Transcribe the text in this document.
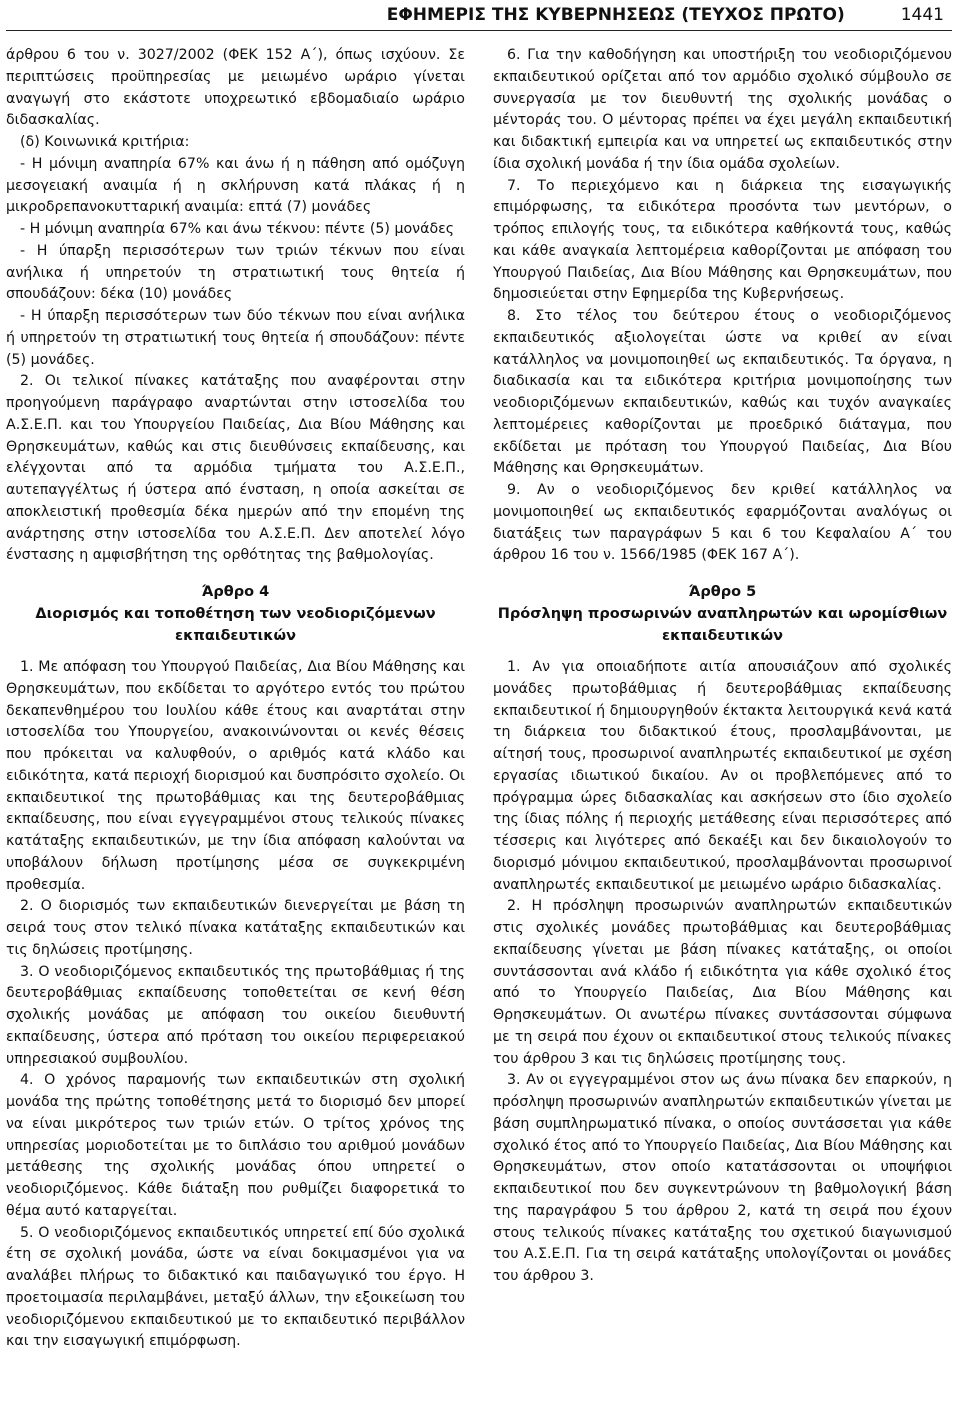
ΕΦΗΜΕΡΙΣ ΤΗΣ ΚΥΒΕΡΝΗΣΕΩΣ (ΤΕΥΧΟΣ ΠΡΩΤΟ)	1441

άρθρου 6 του ν. 3027/2002 (ΦΕΚ 152 Α΄), όπως ισχύουν. Σε περιπτώσεις προϋπηρεσίας με μειωμένο ωράριο γίνεται αναγωγή στο εκάστοτε υποχρεωτικό εβδομαδιαίο ωράριο διδασκαλίας.

(δ) Κοινωνικά κριτήρια:

- Η μόνιμη αναπηρία 67% και άνω ή η πάθηση από ομόζυγη μεσογειακή αναιμία ή η σκλήρυνση κατά πλάκας ή η μικροδρεπανοκυτταρική αναιμία: επτά (7) μονάδες

- Η μόνιμη αναπηρία 67% και άνω τέκνου: πέντε (5) μονάδες

- Η ύπαρξη περισσότερων των τριών τέκνων που είναι ανήλικα ή υπηρετούν τη στρατιωτική τους θητεία ή σπουδάζουν: δέκα (10) μονάδες

- Η ύπαρξη περισσότερων των δύο τέκνων που είναι ανήλικα ή υπηρετούν τη στρατιωτική τους θητεία ή σπουδάζουν: πέντε (5) μονάδες.

2. Οι τελικοί πίνακες κατάταξης που αναφέρονται στην προηγούμενη παράγραφο αναρτώνται στην ιστοσελίδα του Α.Σ.Ε.Π. και του Υπουργείου Παιδείας, Δια Βίου Μάθησης και Θρησκευμάτων, καθώς και στις διευθύνσεις εκπαίδευσης, και ελέγχονται από τα αρμόδια τμήματα του Α.Σ.Ε.Π., αυτεπαγγέλτως ή ύστερα από ένσταση, η οποία ασκείται σε αποκλειστική προθεσμία δέκα ημερών από την επομένη της ανάρτησης στην ιστοσελίδα του Α.Σ.Ε.Π. Δεν αποτελεί λόγο ένστασης η αμφισβήτηση της ορθότητας της βαθμολογίας.

Άρθρο 4
Διορισμός και τοποθέτηση των νεοδιοριζόμενων εκπαιδευτικών

1. Με απόφαση του Υπουργού Παιδείας, Δια Βίου Μάθησης και Θρησκευμάτων, που εκδίδεται το αργότερο εντός του πρώτου δεκαπενθημέρου του Ιουλίου κάθε έτους και αναρτάται στην ιστοσελίδα του Υπουργείου, ανακοινώνονται οι κενές θέσεις που πρόκειται να καλυφθούν, ο αριθμός κατά κλάδο και ειδικότητα, κατά περιοχή διορισμού και δυσπρόσιτο σχολείο. Οι εκπαιδευτικοί της πρωτοβάθμιας και της δευτεροβάθμιας εκπαίδευσης, που είναι εγγεγραμμένοι στους τελικούς πίνακες κατάταξης εκπαιδευτικών, με την ίδια απόφαση καλούνται να υποβάλουν δήλωση προτίμησης μέσα σε συγκεκριμένη προθεσμία.

2. Ο διορισμός των εκπαιδευτικών διενεργείται με βάση τη σειρά τους στον τελικό πίνακα κατάταξης εκπαιδευτικών και τις δηλώσεις προτίμησης.

3. Ο νεοδιοριζόμενος εκπαιδευτικός της πρωτοβάθμιας ή της δευτεροβάθμιας εκπαίδευσης τοποθετείται σε κενή θέση σχολικής μονάδας με απόφαση του οικείου διευθυντή εκπαίδευσης, ύστερα από πρόταση του οικείου περιφερειακού υπηρεσιακού συμβουλίου.

4. Ο χρόνος παραμονής των εκπαιδευτικών στη σχολική μονάδα της πρώτης τοποθέτησης μετά το διορισμό δεν μπορεί να είναι μικρότερος των τριών ετών. Ο τρίτος χρόνος της υπηρεσίας μοριοδοτείται με το διπλάσιο του αριθμού μονάδων μετάθεσης της σχολικής μονάδας όπου υπηρετεί ο νεοδιοριζόμενος. Κάθε διάταξη που ρυθμίζει διαφορετικά το θέμα αυτό καταργείται.

5. Ο νεοδιοριζόμενος εκπαιδευτικός υπηρετεί επί δύο σχολικά έτη σε σχολική μονάδα, ώστε να είναι δοκιμασμένοι για να αναλάβει πλήρως το διδακτικό και παιδαγωγικό του έργο. Η προετοιμασία περιλαμβάνει, μεταξύ άλλων, την εξοικείωση του νεοδιοριζόμενου εκπαιδευτικού με το εκπαιδευτικό περιβάλλον και την εισαγωγική επιμόρφωση.

6. Για την καθοδήγηση και υποστήριξη του νεοδιοριζόμενου εκπαιδευτικού ορίζεται από τον αρμόδιο σχολικό σύμβουλο σε συνεργασία με τον διευθυντή της σχολικής μονάδας ο μέντοράς του. Ο μέντορας πρέπει να έχει μεγάλη εκπαιδευτική και διδακτική εμπειρία και να υπηρετεί ως εκπαιδευτικός στην ίδια σχολική μονάδα ή την ίδια ομάδα σχολείων.

7. Το περιεχόμενο και η διάρκεια της εισαγωγικής επιμόρφωσης, τα ειδικότερα προσόντα των μεντόρων, ο τρόπος επιλογής τους, τα ειδικότερα καθήκοντά τους, καθώς και κάθε αναγκαία λεπτομέρεια καθορίζονται με απόφαση του Υπουργού Παιδείας, Δια Βίου Μάθησης και Θρησκευμάτων, που δημοσιεύεται στην Εφημερίδα της Κυβερνήσεως.

8. Στο τέλος του δεύτερου έτους ο νεοδιοριζόμενος εκπαιδευτικός αξιολογείται ώστε να κριθεί αν είναι κατάλληλος να μονιμοποιηθεί ως εκπαιδευτικός. Τα όργανα, η διαδικασία και τα ειδικότερα κριτήρια μονιμοποίησης των νεοδιοριζόμενων εκπαιδευτικών, καθώς και τυχόν αναγκαίες λεπτομέρειες καθορίζονται με προεδρικό διάταγμα, που εκδίδεται με πρόταση του Υπουργού Παιδείας, Δια Βίου Μάθησης και Θρησκευμάτων.

9. Αν ο νεοδιοριζόμενος δεν κριθεί κατάλληλος να μονιμοποιηθεί ως εκπαιδευτικός εφαρμόζονται αναλόγως οι διατάξεις των παραγράφων 5 και 6 του Κεφαλαίου Α΄ του άρθρου 16 του ν. 1566/1985 (ΦΕΚ 167 Α΄).

Άρθρο 5
Πρόσληψη προσωρινών αναπληρωτών και ωρομίσθιων εκπαιδευτικών

1. Αν για οποιαδήποτε αιτία απουσιάζουν από σχολικές μονάδες πρωτοβάθμιας ή δευτεροβάθμιας εκπαίδευσης εκπαιδευτικοί ή δημιουργηθούν έκτακτα λειτουργικά κενά κατά τη διάρκεια του διδακτικού έτους, προσλαμβάνονται, με αίτησή τους, προσωρινοί αναπληρωτές εκπαιδευτικοί με σχέση εργασίας ιδιωτικού δικαίου. Αν οι προβλεπόμενες από το πρόγραμμα ώρες διδασκαλίας και ασκήσεων στο ίδιο σχολείο της ίδιας πόλης ή περιοχής μετάθεσης είναι περισσότερες από τέσσερις και λιγότερες από δεκαέξι και δεν δικαιολογούν το διορισμό μόνιμου εκπαιδευτικού, προσλαμβάνονται προσωρινοί αναπληρωτές εκπαιδευτικοί με μειωμένο ωράριο διδασκαλίας.

2. Η πρόσληψη προσωρινών αναπληρωτών εκπαιδευτικών στις σχολικές μονάδες πρωτοβάθμιας και δευτεροβάθμιας εκπαίδευσης γίνεται με βάση πίνακες κατάταξης, οι οποίοι συντάσσονται ανά κλάδο ή ειδικότητα για κάθε σχολικό έτος από το Υπουργείο Παιδείας, Δια Βίου Μάθησης και Θρησκευμάτων. Οι ανωτέρω πίνακες συντάσσονται σύμφωνα με τη σειρά που έχουν οι εκπαιδευτικοί στους τελικούς πίνακες του άρθρου 3 και τις δηλώσεις προτίμησης τους.

3. Αν οι εγγεγραμμένοι στον ως άνω πίνακα δεν επαρκούν, η πρόσληψη προσωρινών αναπληρωτών εκπαιδευτικών γίνεται με βάση συμπληρωματικό πίνακα, ο οποίος συντάσσεται για κάθε σχολικό έτος από το Υπουργείο Παιδείας, Δια Βίου Μάθησης και Θρησκευμάτων, στον οποίο κατατάσσονται οι υποψήφιοι εκπαιδευτικοί που δεν συγκεντρώνουν τη βαθμολογική βάση της παραγράφου 5 του άρθρου 2, κατά τη σειρά που έχουν στους τελικούς πίνακες κατάταξης του σχετικού διαγωνισμού του Α.Σ.Ε.Π. Για τη σειρά κατάταξης υπολογίζονται οι μονάδες του άρθρου 3.
